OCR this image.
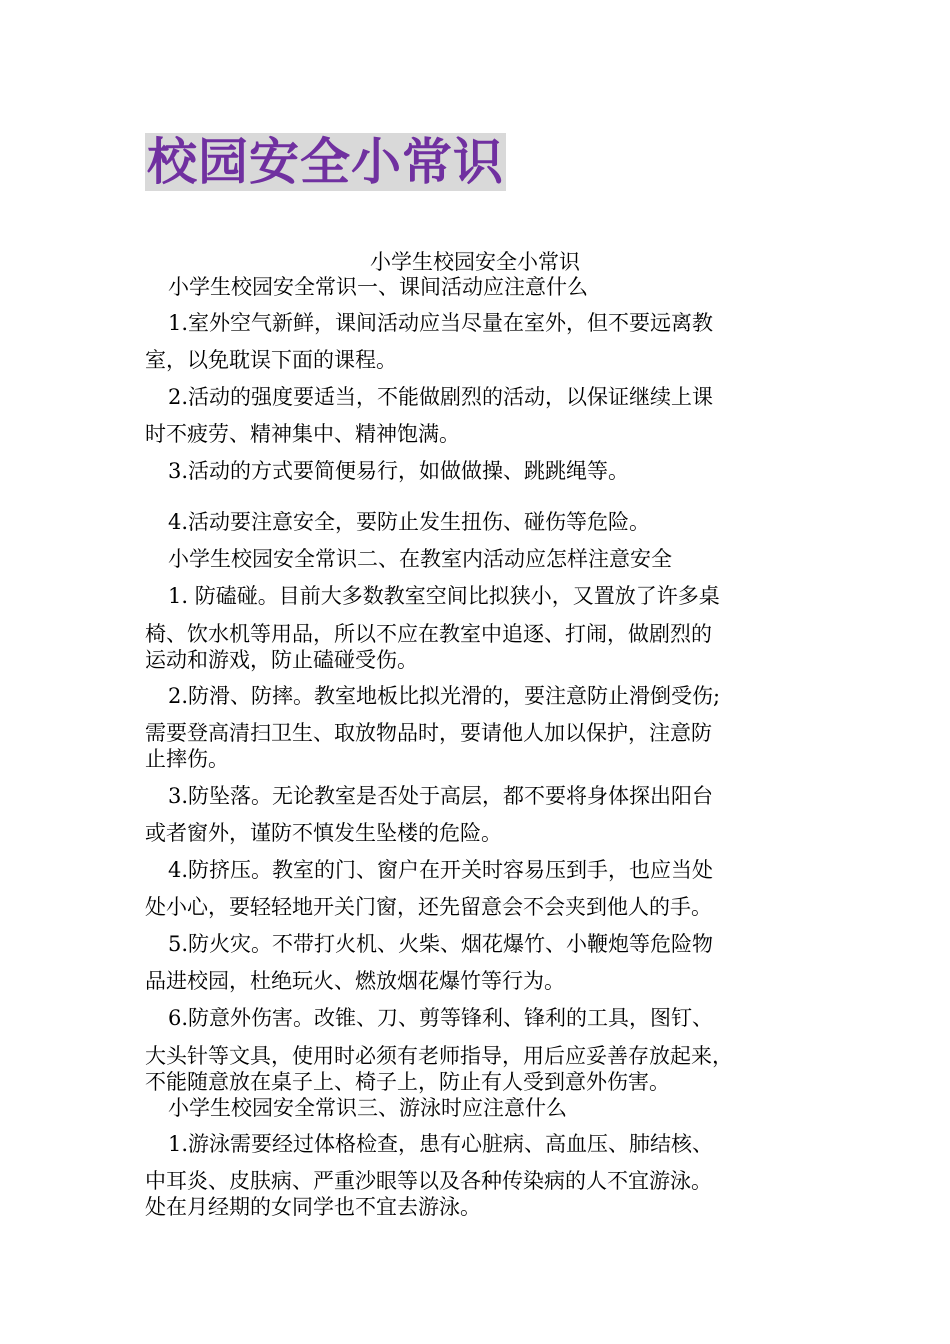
校园安全小常识
小学生校园安全小常识
小学生校园安全常识一、课间活动应注意什么
1.室外空气新鲜，课间活动应当尽量在室外，但不要远离教
室，以免耽误下面的课程。
2.活动的强度要适当，不能做剧烈的活动，以保证继续上课
时不疲劳、精神集中、精神饱满。
3.活动的方式要简便易行，如做做操、跳跳绳等。
4.活动要注意安全，要防止发生扭伤、碰伤等危险。
小学生校园安全常识二、在教室内活动应怎样注意安全
1. 防磕碰。目前大多数教室空间比拟狭小，又置放了许多桌
椅、饮水机等用品，所以不应在教室中追逐、打闹，做剧烈的
运动和游戏，防止磕碰受伤。
2.防滑、防摔。教室地板比拟光滑的，要注意防止滑倒受伤;
需要登高清扫卫生、取放物品时，要请他人加以保护，注意防
止摔伤。
3.防坠落。无论教室是否处于高层，都不要将身体探出阳台
或者窗外，谨防不慎发生坠楼的危险。
4.防挤压。教室的门、窗户在开关时容易压到手，也应当处
处小心，要轻轻地开关门窗，还先留意会不会夹到他人的手。
5.防火灾。不带打火机、火柴、烟花爆竹、小鞭炮等危险物
品进校园，杜绝玩火、燃放烟花爆竹等行为。
6.防意外伤害。改锥、刀、剪等锋利、锋利的工具，图钉、
大头针等文具，使用时必须有老师指导，用后应妥善存放起来，
不能随意放在桌子上、椅子上，防止有人受到意外伤害。
小学生校园安全常识三、游泳时应注意什么
1.游泳需要经过体格检查，患有心脏病、高血压、肺结核、
中耳炎、皮肤病、严重沙眼等以及各种传染病的人不宜游泳。
处在月经期的女同学也不宜去游泳。
